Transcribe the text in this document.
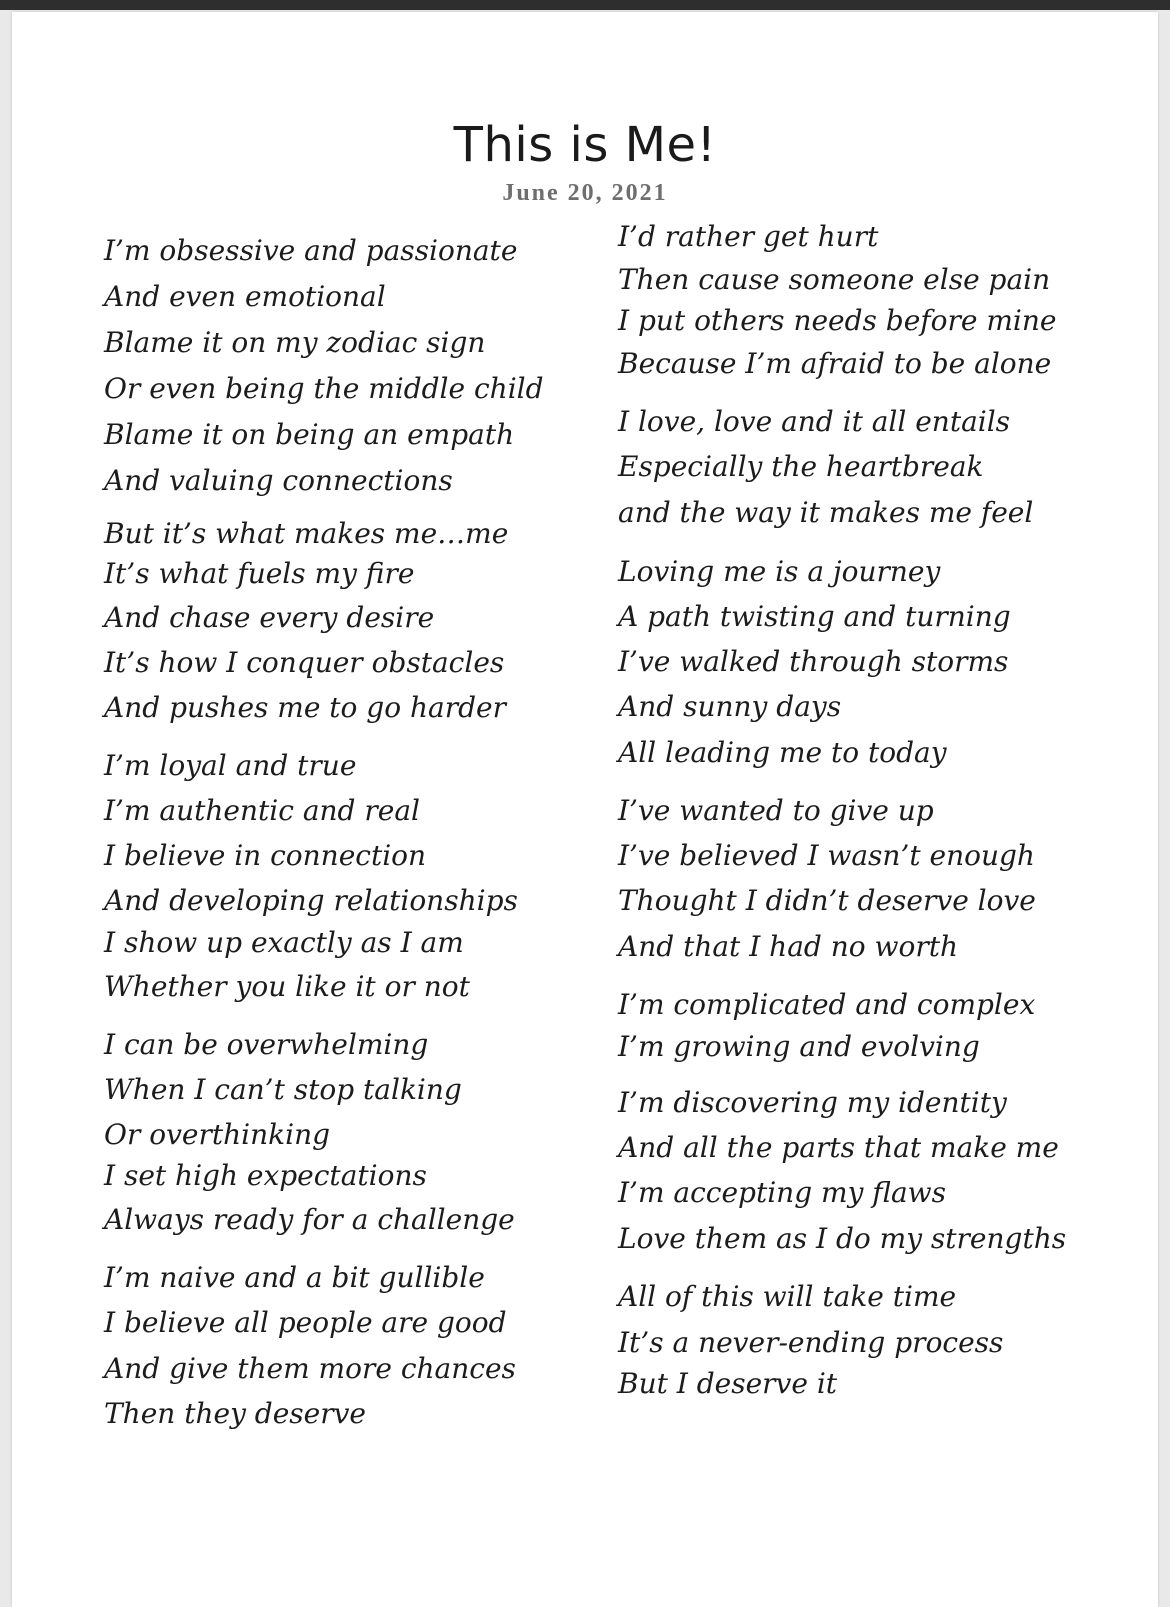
This is Me!
June 20, 2021
I’m obsessive and passionate
And even emotional
Blame it on my zodiac sign
Or even being the middle child
Blame it on being an empath
And valuing connections
But it’s what makes me…me
It’s what fuels my fire
And chase every desire
It’s how I conquer obstacles
And pushes me to go harder
I’m loyal and true
I’m authentic and real
I believe in connection
And developing relationships
I show up exactly as I am
Whether you like it or not
I can be overwhelming
When I can’t stop talking
Or overthinking
I set high expectations
Always ready for a challenge
I’m naive and a bit gullible
I believe all people are good
And give them more chances
Then they deserve
I’d rather get hurt
Then cause someone else pain
I put others needs before mine
Because I’m afraid to be alone
I love, love and it all entails
Especially the heartbreak
and the way it makes me feel
Loving me is a journey
A path twisting and turning
I’ve walked through storms
And sunny days
All leading me to today
I’ve wanted to give up
I’ve believed I wasn’t enough
Thought I didn’t deserve love
And that I had no worth
I’m complicated and complex
I’m growing and evolving
I’m discovering my identity
And all the parts that make me
I’m accepting my flaws
Love them as I do my strengths
All of this will take time
It’s a never-ending process
But I deserve it
